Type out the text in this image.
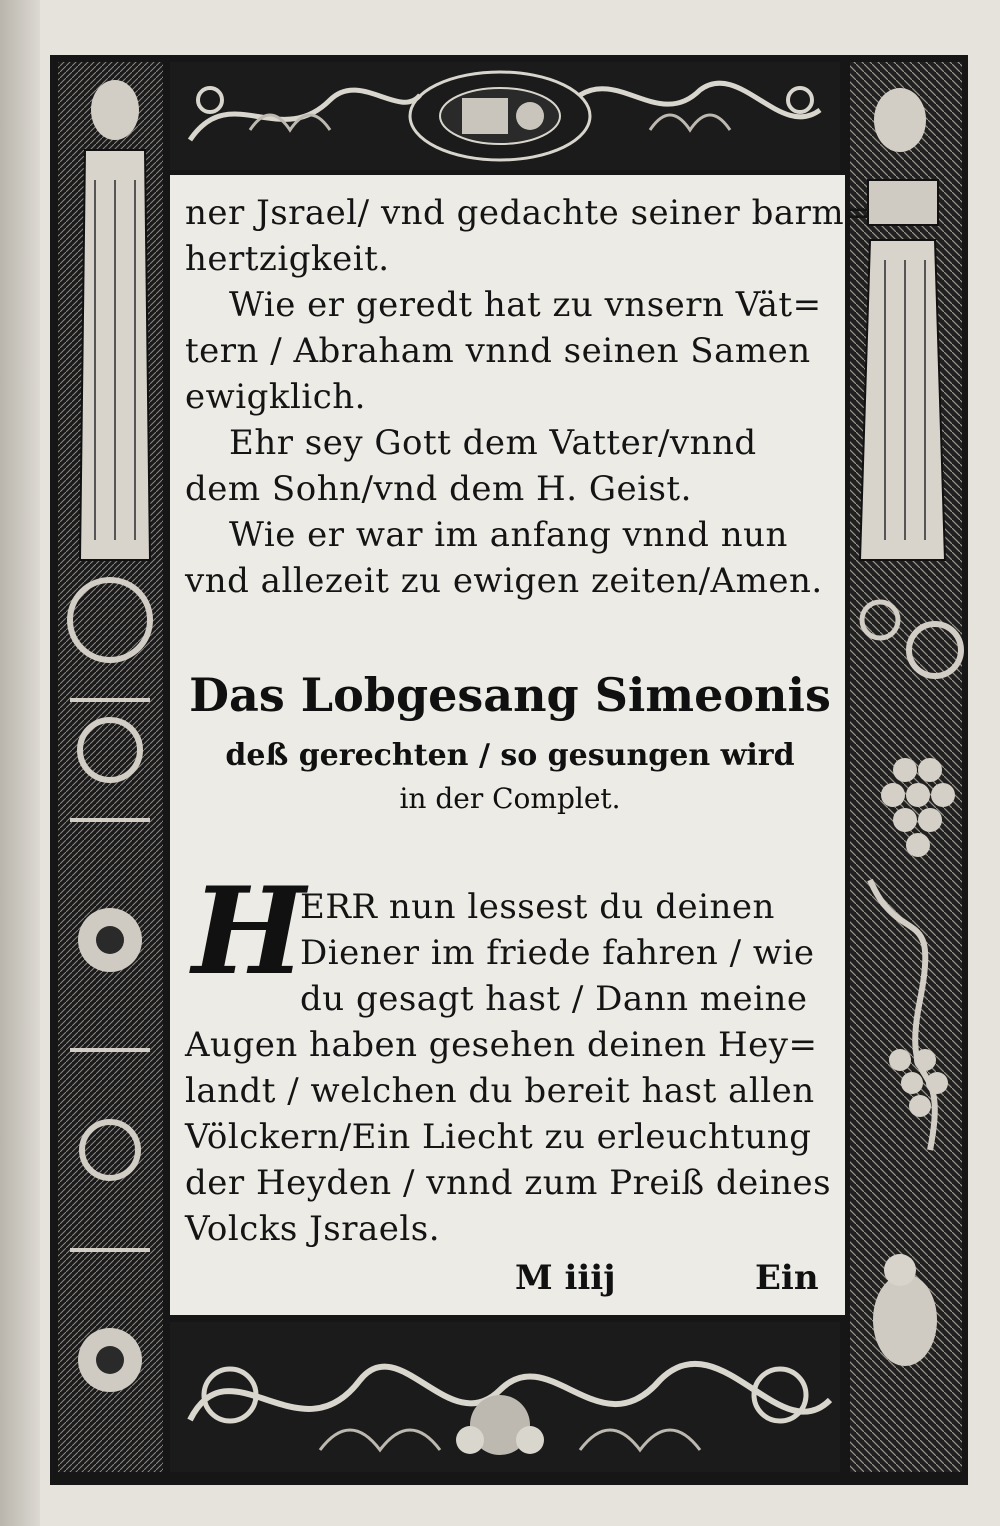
ner Jsrael/ vnd gedachte seiner barm=
hertzigkeit.
Wie er geredt hat zu vnsern Vät=
tern / Abraham vnnd seinen Samen
ewigklich.
Ehr sey Gott dem Vatter/vnnd
dem Sohn/vnd dem H. Geist.
Wie er war im anfang vnnd nun
vnd allezeit zu ewigen zeiten/Amen.
Das Lobgesang Simeonis
deß gerechten / so gesungen wird
in der Complet.
H
ERR nun lessest du deinen
Diener im friede fahren / wie
du gesagt hast / Dann meine
Augen haben gesehen deinen Hey=
landt / welchen du bereit hast allen
Völckern/Ein Liecht zu erleuchtung
der Heyden / vnnd zum Preiß deines
Volcks Jsraels.
M iiij	Ein
